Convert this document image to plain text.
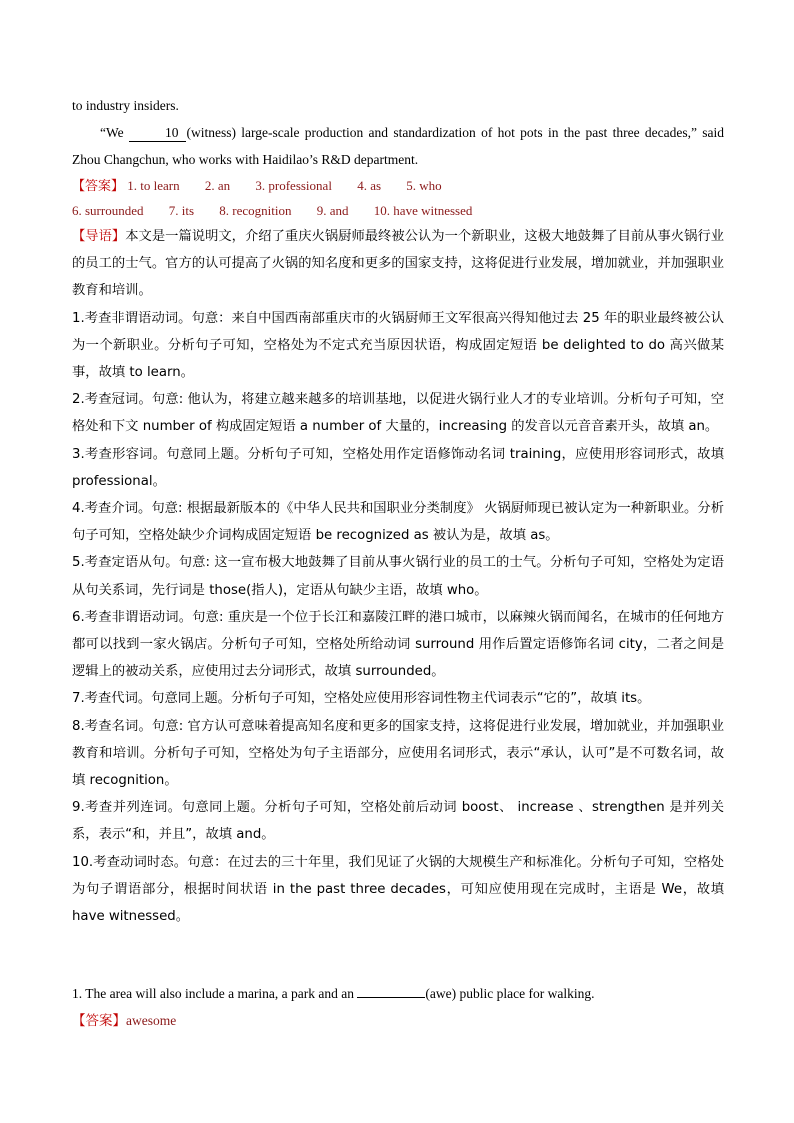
to industry insiders.

“We	10 (witness) large-scale production and standardization of hot pots in the past three decades,” said Zhou Changchun, who works with Haidilao’s R&D department.

【答案】 1. to learn 2. an 3. professional 4. as 5. who
6. surrounded 7. its 8. recognition 9. and 10. have witnessed

【导语】本文是一篇说明文，介绍了重庆火锅厨师最终被公认为一个新职业，这极大地鼓舞了目前从事火锅行业的员工的士气。官方的认可提高了火锅的知名度和更多的国家支持，这将促进行业发展，增加就业，并加强职业教育和培训。

1.考查非谓语动词。句意：来自中国西南部重庆市的火锅厨师王文军很高兴得知他过去 25 年的职业最终被公认为一个新职业。分析句子可知，空格处为不定式充当原因状语，构成固定短语 be delighted to do 高兴做某事，故填 to learn。

2.考查冠词。句意: 他认为，将建立越来越多的培训基地，以促进火锅行业人才的专业培训。分析句子可知，空格处和下文 number of 构成固定短语 a number of 大量的，increasing 的发音以元音音素开头，故填 an。

3.考查形容词。句意同上题。分析句子可知，空格处用作定语修饰动名词 training，应使用形容词形式，故填 professional。

4.考查介词。句意: 根据最新版本的《中华人民共和国职业分类制度》 火锅厨师现已被认定为一种新职业。分析句子可知，空格处缺少介词构成固定短语 be recognized as 被认为是，故填 as。

5.考查定语从句。句意: 这一宣布极大地鼓舞了目前从事火锅行业的员工的士气。分析句子可知，空格处为定语从句关系词，先行词是 those(指人)，定语从句缺少主语，故填 who。

6.考查非谓语动词。句意: 重庆是一个位于长江和嘉陵江畔的港口城市，以麻辣火锅而闻名，在城市的任何地方都可以找到一家火锅店。分析句子可知，空格处所给动词 surround 用作后置定语修饰名词 city，二者之间是逻辑上的被动关系，应使用过去分词形式，故填 surrounded。

7.考查代词。句意同上题。分析句子可知，空格处应使用形容词性物主代词表示“它的”，故填 its。

8.考查名词。句意: 官方认可意味着提高知名度和更多的国家支持，这将促进行业发展，增加就业，并加强职业教育和培训。分析句子可知，空格处为句子主语部分，应使用名词形式，表示“承认，认可”是不可数名词，故填 recognition。

9.考查并列连词。句意同上题。分析句子可知，空格处前后动词 boost、 increase 、strengthen 是并列关系，表示“和，并且”，故填 and。

10.考查动词时态。句意：在过去的三十年里，我们见证了火锅的大规模生产和标准化。分析句子可知，空格处为句子谓语部分，根据时间状语 in the past three decades，可知应使用现在完成时，主语是 We，故填 have witnessed。

1. The area will also include a marina, a park and an	(awe) public place for walking.

【答案】awesome
